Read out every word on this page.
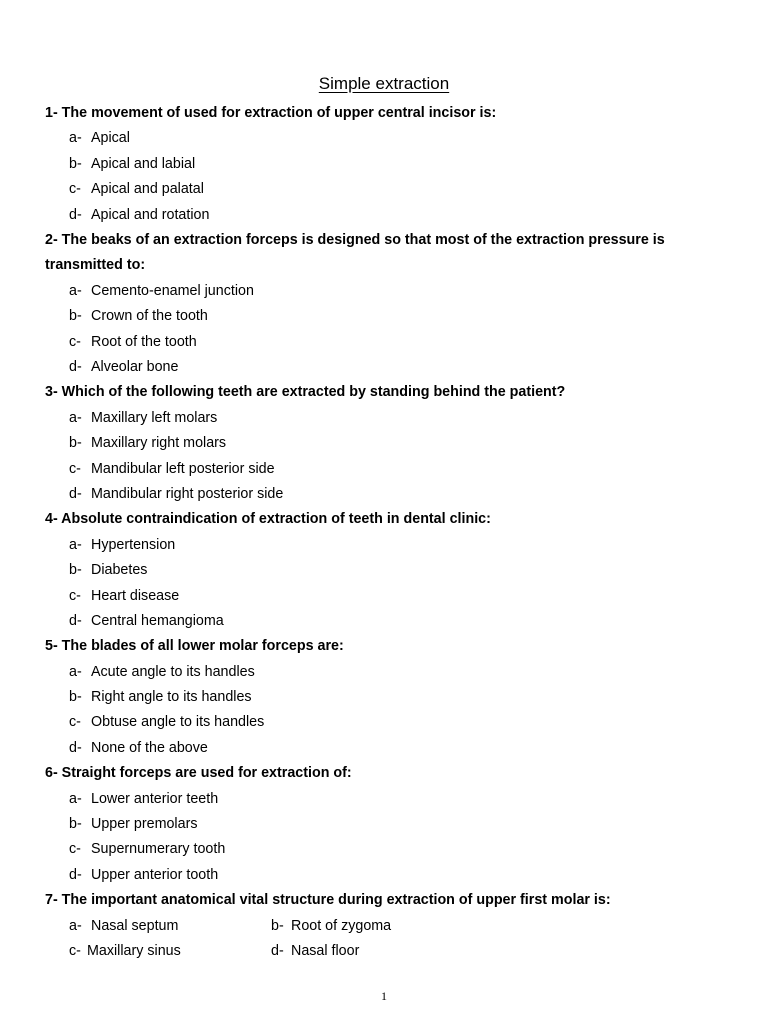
Simple extraction

1- The movement of used for extraction of upper central incisor is:

a- Apical
b- Apical and labial
c- Apical and palatal
d- Apical and rotation

2- The beaks of an extraction forceps is designed so that most of the extraction pressure is transmitted to:

a- Cemento-enamel junction
b- Crown of the tooth
c- Root of the tooth
d- Alveolar bone

3- Which of the following teeth are extracted by standing behind the patient?

a- Maxillary left molars
b- Maxillary right molars
c- Mandibular left posterior side
d- Mandibular right posterior side

4- Absolute contraindication of extraction of teeth in dental clinic:

a- Hypertension
b- Diabetes
c- Heart disease
d- Central hemangioma

5- The blades of all lower molar forceps are:

a- Acute angle to its handles
b- Right angle to its handles
c- Obtuse angle to its handles
d- None of the above

6- Straight forceps are used for extraction of:

a- Lower anterior teeth
b- Upper premolars
c- Supernumerary tooth
d- Upper anterior tooth

7- The important anatomical vital structure during extraction of upper first molar is:

a- Nasal septum	b- Root of zygoma
c- Maxillary sinus	d- Nasal floor
1
